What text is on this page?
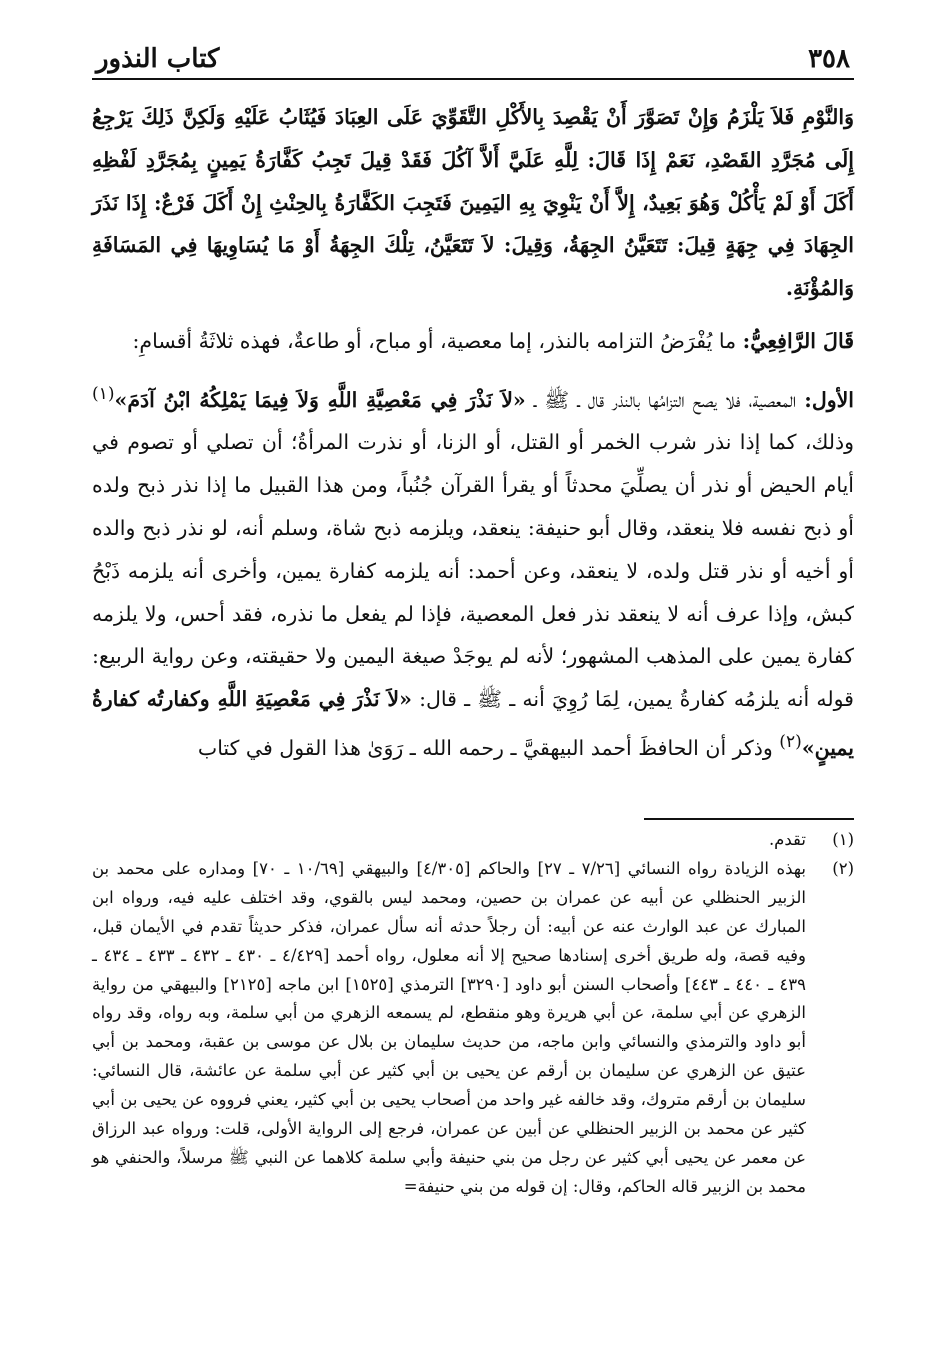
٣٥٨
كتاب النذور

وَالنَّوْمِ فَلاَ يَلْزَمُ وَإِنْ تَصَوَّرَ أَنْ يَقْصِدَ بِالأَكْلِ التَّقَوِّيَ عَلَى العِبَادَ فَيُثَابُ عَلَيْهِ وَلَكِنَّ ذَلِكَ يَرْجِعُ إِلَى مُجَرَّدِ القَصْدِ، نَعَمْ إِذَا قَالَ: لِلَّهِ عَلَيَّ أَلاَّ آكُلَ فَقَدْ قِيلَ تَجِبُ كَفَّارَةُ يَمِينٍ بِمُجَرَّدِ لَفْظِهِ أَكَلَ أَوْ لَمْ يَأْكُلْ وَهُوَ بَعِيدٌ، إِلاَّ أَنْ يَنْوِيَ بِهِ اليَمِينَ فَتَجِبَ الكَفَّارَةُ بِالحِنْثِ إِنْ أَكَلَ فَرْعٌ: إِذَا نَذَرَ الجِهَادَ فِي جِهَةٍ قِيلَ: تَتَعَيَّنُ الجِهَةُ، وَقِيلَ: لاَ تَتَعَيَّنُ، تِلْكَ الجِهَةُ أَوْ مَا يُسَاوِيهَا فِي المَسَافَةِ وَالمُؤْنَةِ.

قَالَ الرَّافِعِيُّ: ما يُفْرَضُ التزامه بالنذر، إما معصية، أو مباح، أو طاعةٌ، فهذه ثلاثَةُ أقسامِ:

الأول: المعصية، فلا يصح التزامُها بالنذر قال ـ ﷺ ـ «لاَ نَذْرَ فِي مَعْصِيَّةِ اللَّهِ وَلاَ فِيمَا يَمْلِكُهُ ابْنُ آدَمَ»$^{(١)}$ وذلك، كما إذا نذر شرب الخمر أو القتل، أو الزنا، أو نذرت المرأةُ؛ أن تصلي أو تصوم في أيام الحيض أو نذر أن يصلِّيَ محدثاً أو يقرأ القرآن جُنُباً، ومن هذا القبيل ما إذا نذر ذبح ولده أو ذبح نفسه فلا ينعقد، وقال أبو حنيفة: ينعقد، ويلزمه ذبح شاة، وسلم أنه، لو نذر ذبح والده أو أخيه أو نذر قتل ولده، لا ينعقد، وعن أحمد: أنه يلزمه كفارة يمين، وأخرى أنه يلزمه ذَبْحُ كبش، وإذا عرف أنه لا ينعقد نذر فعل المعصية، فإذا لم يفعل ما نذره، فقد أحس، ولا يلزمه كفارة يمين على المذهب المشهور؛ لأنه لم يوجَدْ صيغة اليمين ولا حقيقته، وعن رواية الربيع: قوله أنه يلزمُه كفارةُ يمين، لِمَا رُوِيَ أنه ـ ﷺ ـ قال: «لاَ نَذْرَ فِي مَعْصِيَةِ اللَّهِ وكفارتُه كفارةُ يمينٍ»$^{(٢)}$ وذكر أن الحافظَ أحمد البيهقيَّ ـ رحمه الله ـ رَوَىٰ هذا القول في كتاب

(١)
تقدم.
(٢)
بهذه الزيادة رواه النسائي [٧/٢٦ ـ ٢٧] والحاكم [٤/٣٠٥] والبيهقي [١٠/٦٩ ـ ٧٠] ومداره على محمد بن الزبير الحنظلي عن أبيه عن عمران بن حصين، ومحمد ليس بالقوي، وقد اختلف عليه فيه، ورواه ابن المبارك عن عبد الوارث عنه عن أبيه: أن رجلاً حدثه أنه سأل عمران، فذكر حديثاً تقدم في الأيمان قبل، وفيه قصة، وله طريق أخرى إسنادها صحيح إلا أنه معلول، رواه أحمد [٤/٤٢٩ ـ ٤٣٠ ـ ٤٣٢ ـ ٤٣٣ ـ ٤٣٤ ـ ٤٣٩ ـ ٤٤٠ ـ ٤٤٣] وأصحاب السنن أبو داود [٣٢٩٠] الترمذي [١٥٢٥] ابن ماجه [٢١٢٥] والبيهقي من رواية الزهري عن أبي سلمة، عن أبي هريرة وهو منقطع، لم يسمعه الزهري من أبي سلمة، وبه رواه، وقد رواه أبو داود والترمذي والنسائي وابن ماجه، من حديث سليمان بن بلال عن موسى بن عقبة، ومحمد بن أبي عتيق عن الزهري عن سليمان بن أرقم عن يحيى بن أبي كثير عن أبي سلمة عن عائشة، قال النسائي: سليمان بن أرقم متروك، وقد خالفه غير واحد من أصحاب يحيى بن أبي كثير، يعني فرووه عن يحيى بن أبي كثير عن محمد بن الزبير الحنظلي عن أبين عن عمران، فرجع إلى الرواية الأولى، قلت: ورواه عبد الرزاق عن معمر عن يحيى أبي كثير عن رجل من بني حنيفة وأبي سلمة كلاهما عن النبي ﷺ مرسلاً، والحنفي هو محمد بن الزبير قاله الحاكم، وقال: إن قوله من بني حنيفة=
